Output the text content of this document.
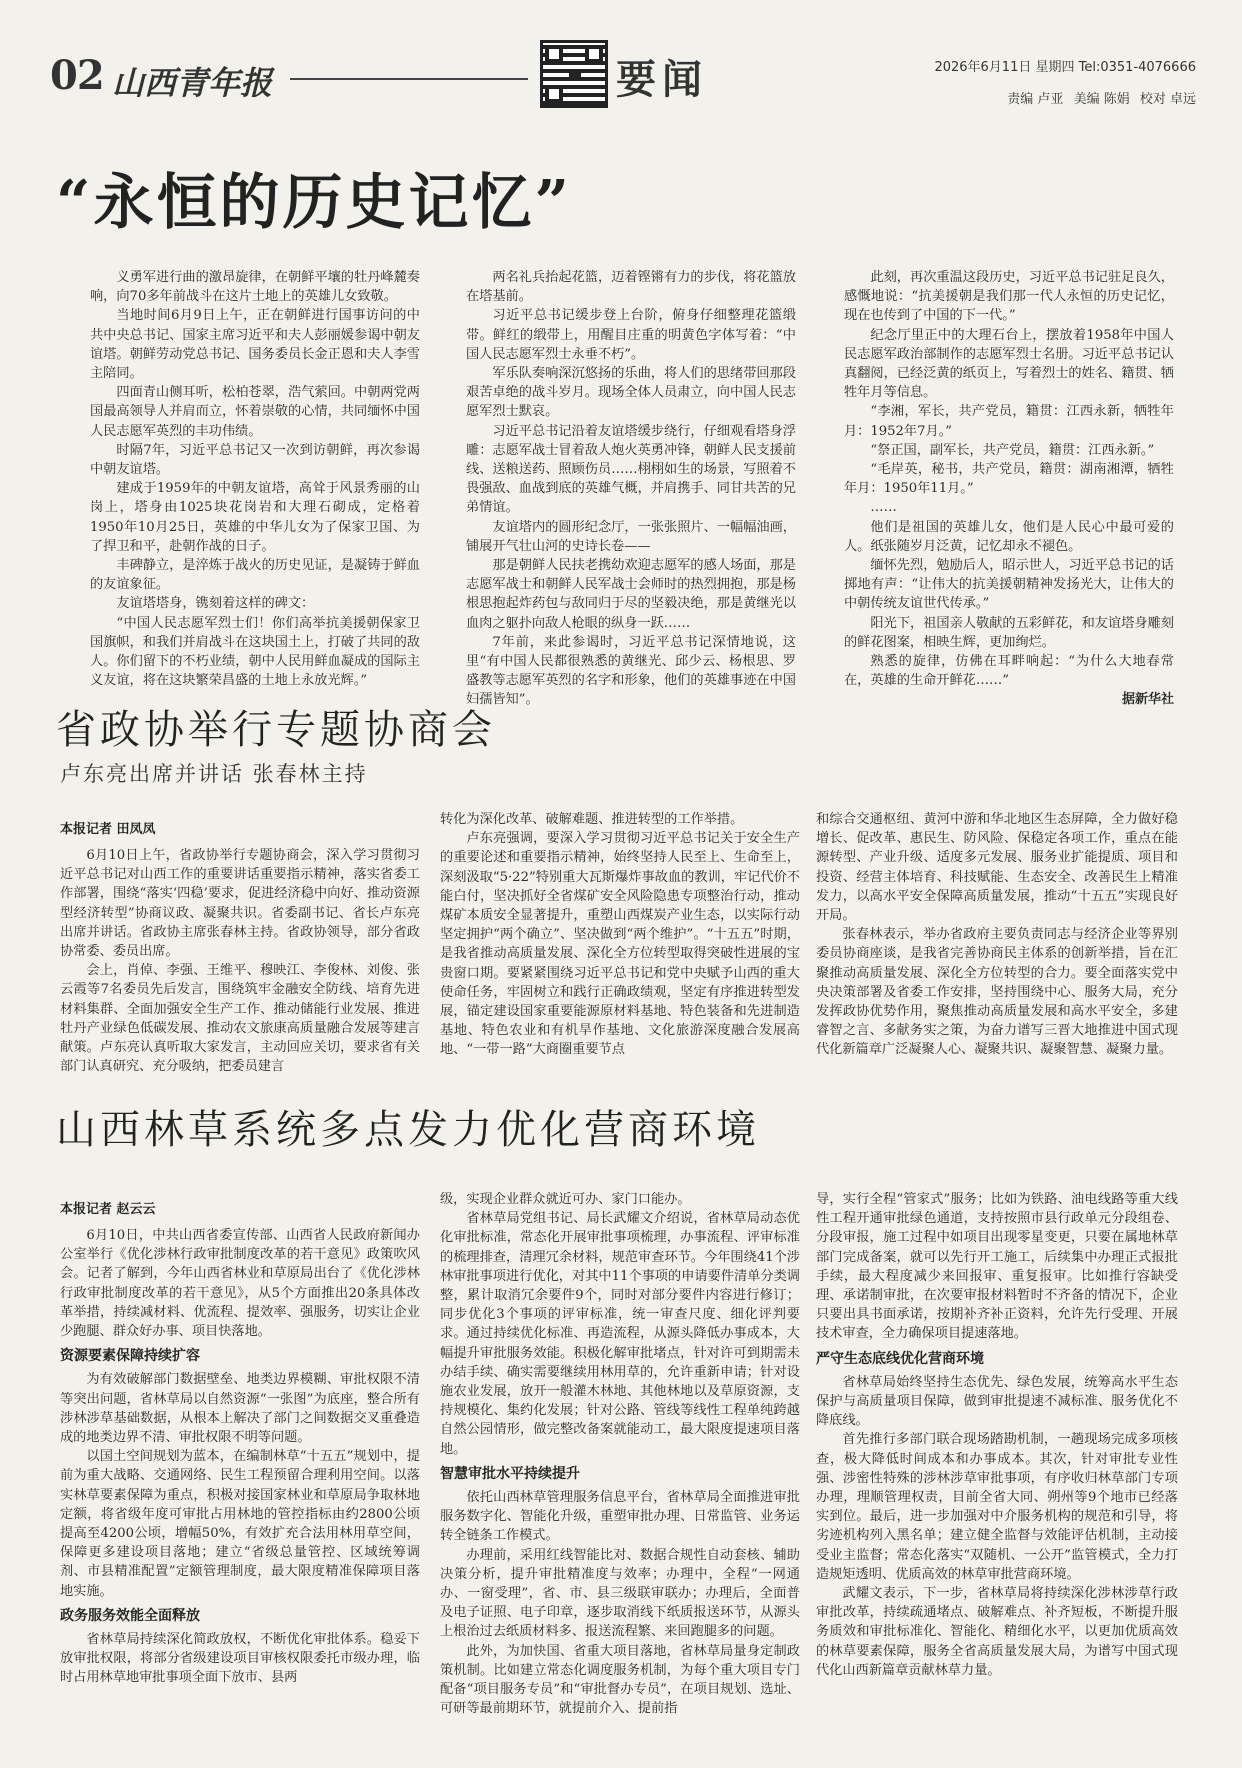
02 山西青年报	要闻	2026年6月11日 星期四 Tel:0351-4076666
责编 卢亚 美编 陈娟 校对 卓远
“永恒的历史记忆”

义勇军进行曲的激昂旋律，在朝鲜平壤的牡丹峰麓奏响，向70多年前战斗在这片土地上的英雄儿女致敬。

当地时间6月9日上午，正在朝鲜进行国事访问的中共中央总书记、国家主席习近平和夫人彭丽媛参谒中朝友谊塔。朝鲜劳动党总书记、国务委员长金正恩和夫人李雪主陪同。

四面青山侧耳听，松柏苍翠，浩气萦回。中朝两党两国最高领导人并肩而立，怀着崇敬的心情，共同缅怀中国人民志愿军英烈的丰功伟绩。

时隔7年，习近平总书记又一次到访朝鲜，再次参谒中朝友谊塔。

建成于1959年的中朝友谊塔，高耸于风景秀丽的山岗上，塔身由1025块花岗岩和大理石砌成，定格着1950年10月25日，英雄的中华儿女为了保家卫国、为了捍卫和平，赴朝作战的日子。

丰碑静立，是淬炼于战火的历史见证，是凝铸于鲜血的友谊象征。

友谊塔塔身，镌刻着这样的碑文：

“中国人民志愿军烈士们！你们高举抗美援朝保家卫国旗帜，和我们并肩战斗在这块国土上，打破了共同的敌人。你们留下的不朽业绩，朝中人民用鲜血凝成的国际主义友谊，将在这块繁荣昌盛的土地上永放光辉。”

两名礼兵抬起花篮，迈着铿锵有力的步伐，将花篮放在塔基前。

习近平总书记缓步登上台阶，俯身仔细整理花篮缎带。鲜红的缎带上，用醒目庄重的明黄色字体写着：“中国人民志愿军烈士永垂不朽”。

军乐队奏响深沉悠扬的乐曲，将人们的思绪带回那段艰苦卓绝的战斗岁月。现场全体人员肃立，向中国人民志愿军烈士默哀。

习近平总书记沿着友谊塔缓步绕行，仔细观看塔身浮雕：志愿军战士冒着敌人炮火英勇冲锋，朝鲜人民支援前线、送粮送药、照顾伤员……栩栩如生的场景，写照着不畏强敌、血战到底的英雄气概，并肩携手、同甘共苦的兄弟情谊。

友谊塔内的圆形纪念厅，一张张照片、一幅幅油画，铺展开气壮山河的史诗长卷——

那是朝鲜人民扶老携幼欢迎志愿军的感人场面，那是志愿军战士和朝鲜人民军战士会师时的热烈拥抱，那是杨根思抱起炸药包与敌同归于尽的坚毅决绝，那是黄继光以血肉之躯扑向敌人枪眼的纵身一跃……

7年前，来此参谒时，习近平总书记深情地说，这里“有中国人民都很熟悉的黄继光、邱少云、杨根思、罗盛教等志愿军英烈的名字和形象，他们的英雄事迹在中国妇孺皆知”。

此刻，再次重温这段历史，习近平总书记驻足良久，感慨地说：“抗美援朝是我们那一代人永恒的历史记忆，现在也传到了中国的下一代。”

纪念厅里正中的大理石台上，摆放着1958年中国人民志愿军政治部制作的志愿军烈士名册。习近平总书记认真翻阅，已经泛黄的纸页上，写着烈士的姓名、籍贯、牺牲年月等信息。

“李湘，军长，共产党员，籍贯：江西永新，牺牲年月：1952年7月。”

“祭正国，副军长，共产党员，籍贯：江西永新。”

“毛岸英，秘书，共产党员，籍贯：湖南湘潭，牺牲年月：1950年11月。”

……

他们是祖国的英雄儿女，他们是人民心中最可爱的人。纸张随岁月泛黄，记忆却永不褪色。

缅怀先烈，勉励后人，昭示世人，习近平总书记的话掷地有声：“让伟大的抗美援朝精神发扬光大，让伟大的中朝传统友谊世代传承。”

阳光下，祖国亲人敬献的五彩鲜花，和友谊塔身雕刻的鲜花图案，相映生辉，更加绚烂。

熟悉的旋律，仿佛在耳畔响起：“为什么大地春常在，英雄的生命开鲜花……”

据新华社
省政协举行专题协商会
卢东亮出席并讲话 张春林主持
本报记者 田凤凤

6月10日上午，省政协举行专题协商会，深入学习贯彻习近平总书记对山西工作的重要讲话重要指示精神，落实省委工作部署，围绕“落实‘四稳’要求，促进经济稳中向好、推动资源型经济转型”协商议政、凝聚共识。省委副书记、省长卢东亮出席并讲话。省政协主席张春林主持。省政协领导，部分省政协常委、委员出席。

会上，肖倬、李强、王维平、穆映江、李俊林、刘俊、张云霞等7名委员先后发言，围绕筑牢金融安全防线、培育先进材料集群、全面加强安全生产工作、推动储能行业发展、推进牡丹产业绿色低碳发展、推动农文旅康高质量融合发展等建言献策。卢东亮认真听取大家发言，主动回应关切，要求省有关部门认真研究、充分吸纳，把委员建言

转化为深化改革、破解难题、推进转型的工作举措。

卢东亮强调，要深入学习贯彻习近平总书记关于安全生产的重要论述和重要指示精神，始终坚持人民至上、生命至上，深刻汲取“5·22”特别重大瓦斯爆炸事故血的教训，牢记代价不能白付，坚决抓好全省煤矿安全风险隐患专项整治行动，推动煤矿本质安全显著提升，重塑山西煤炭产业生态，以实际行动坚定拥护“两个确立”、坚决做到“两个维护”。“十五五”时期，是我省推动高质量发展、深化全方位转型取得突破性进展的宝贵窗口期。要紧紧围绕习近平总书记和党中央赋予山西的重大使命任务，牢固树立和践行正确政绩观，坚定有序推进转型发展，锚定建设国家重要能源原材料基地、特色装备和先进制造基地、特色农业和有机旱作基地、文化旅游深度融合发展高地、“一带一路”大商圈重要节点

和综合交通枢纽、黄河中游和华北地区生态屏障，全力做好稳增长、促改革、惠民生、防风险、保稳定各项工作，重点在能源转型、产业升级、适度多元发展、服务业扩能提质、项目和投资、经营主体培育、科技赋能、生态安全、改善民生上精准发力，以高水平安全保障高质量发展，推动“十五五”实现良好开局。

张春林表示，举办省政府主要负责同志与经济企业等界别委员协商座谈，是我省完善协商民主体系的创新举措，旨在汇聚推动高质量发展、深化全方位转型的合力。要全面落实党中央决策部署及省委工作安排，坚持围绕中心、服务大局，充分发挥政协优势作用，聚焦推动高质量发展和高水平安全，多建睿智之言、多献务实之策，为奋力谱写三晋大地推进中国式现代化新篇章广泛凝聚人心、凝聚共识、凝聚智慧、凝聚力量。

山西林草系统多点发力优化营商环境
本报记者 赵云云

6月10日，中共山西省委宣传部、山西省人民政府新闻办公室举行《优化涉林行政审批制度改革的若干意见》政策吹风会。记者了解到，今年山西省林业和草原局出台了《优化涉林行政审批制度改革的若干意见》，从5个方面推出20条具体改革举措，持续减材料、优流程、提效率、强服务，切实让企业少跑腿、群众好办事、项目快落地。

资源要素保障持续扩容

为有效破解部门数据壁垒、地类边界模糊、审批权限不清等突出问题，省林草局以自然资源“一张图”为底座，整合所有涉林涉草基础数据，从根本上解决了部门之间数据交叉重叠造成的地类边界不清、审批权限不明等问题。

以国土空间规划为蓝本，在编制林草“十五五”规划中，提前为重大战略、交通网络、民生工程预留合理利用空间。以落实林草要素保障为重点，积极对接国家林业和草原局争取林地定额，将省级年度可审批占用林地的管控指标由约2800公顷提高至4200公顷，增幅50%，有效扩充合法用林用草空间，保障更多建设项目落地；建立“省级总量管控、区域统筹调剂、市县精准配置”定额管理制度，最大限度精准保障项目落地实施。

政务服务效能全面释放

省林草局持续深化简政放权，不断优化审批体系。稳妥下放审批权限，将部分省级建设项目审核权限委托市级办理，临时占用林草地审批事项全面下放市、县两

级，实现企业群众就近可办、家门口能办。

省林草局党组书记、局长武耀文介绍说，省林草局动态优化审批标准，常态化开展审批事项梳理，办事流程、评审标准的梳理排查，清理冗余材料，规范审查环节。今年围绕41个涉林审批事项进行优化，对其中11个事项的申请要件清单分类调整，累计取消冗余要件9个，同时对部分要件内容进行修订；同步优化3个事项的评审标准，统一审查尺度、细化评判要求。通过持续优化标准、再造流程，从源头降低办事成本，大幅提升审批服务效能。积极化解审批堵点，针对许可到期需未办结手续、确实需要继续用林用草的，允许重新申请；针对设施农业发展，放开一般灌木林地、其他林地以及草原资源，支持规模化、集约化发展；针对公路、管线等线性工程单纯跨越自然公园情形，做完整改备案就能动工，最大限度提速项目落地。

智慧审批水平持续提升

依托山西林草管理服务信息平台，省林草局全面推进审批服务数字化、智能化升级，重塑审批办理、日常监管、业务运转全链条工作模式。

办理前，采用红线智能比对、数据合规性自动套核、辅助决策分析，提升审批精准度与效率；办理中，全程“一网通办、一窗受理”，省、市、县三级联审联办；办理后，全面普及电子证照、电子印章，逐步取消线下纸质报送环节，从源头上根治过去纸质材料多、报送流程繁、来回跑腿多的问题。

此外，为加快国、省重大项目落地，省林草局量身定制政策机制。比如建立常态化调度服务机制，为每个重大项目专门配备“项目服务专员”和“审批督办专员”，在项目规划、选址、可研等最前期环节，就提前介入、提前指

导，实行全程“管家式”服务；比如为铁路、油电线路等重大线性工程开通审批绿色通道，支持按照市县行政单元分段组卷、分段审报，施工过程中如项目出现零星变更，只要在属地林草部门完成备案，就可以先行开工施工，后续集中办理正式报批手续，最大程度减少来回报审、重复报审。比如推行容缺受理、承诺制审批，在次要审报材料暂时不齐备的情况下，企业只要出具书面承诺，按期补齐补正资料，允许先行受理、开展技术审查，全力确保项目提速落地。

严守生态底线优化营商环境

省林草局始终坚持生态优先、绿色发展，统筹高水平生态保护与高质量项目保障，做到审批提速不减标准、服务优化不降底线。

首先推行多部门联合现场踏勘机制，一趟现场完成多项核查，极大降低时间成本和办事成本。其次，针对审批专业性强、涉密性特殊的涉林涉草审批事项，有序收归林草部门专项办理，理顺管理权责，目前全省大同、朔州等9个地市已经落实到位。最后，进一步加强对中介服务机构的规范和引导，将劣迹机构列入黑名单；建立健全监督与效能评估机制，主动接受业主监督；常态化落实“双随机、一公开”监管模式，全力打造规矩透明、优质高效的林草审批营商环境。

武耀文表示，下一步，省林草局将持续深化涉林涉草行政审批改革，持续疏通堵点、破解难点、补齐短板，不断提升服务质效和审批标准化、智能化、精细化水平，以更加优质高效的林草要素保障，服务全省高质量发展大局，为谱写中国式现代化山西新篇章贡献林草力量。
